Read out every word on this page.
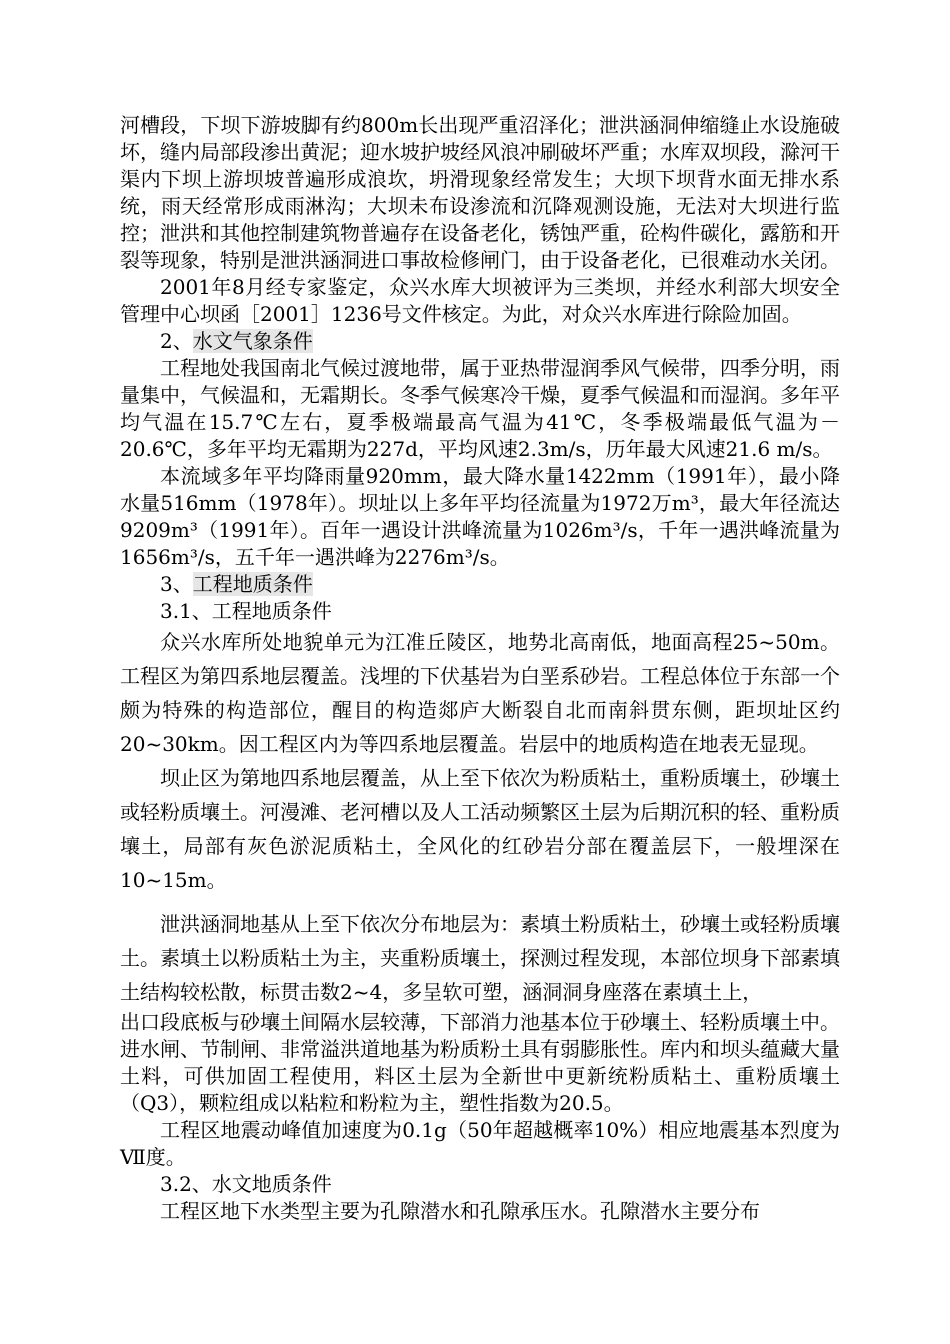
河槽段，下坝下游坡脚有约800m长出现严重沼泽化；泄洪涵洞伸缩缝止水设施破坏，缝内局部段渗出黄泥；迎水坡护坡经风浪冲刷破坏严重；水库双坝段，滁河干渠内下坝上游坝坡普遍形成浪坎，坍滑现象经常发生；大坝下坝背水面无排水系统，雨天经常形成雨淋沟；大坝未布设渗流和沉降观测设施，无法对大坝进行监控；泄洪和其他控制建筑物普遍存在设备老化，锈蚀严重，砼构件碳化，露筋和开裂等现象，特别是泄洪涵洞进口事故检修闸门，由于设备老化，已很难动水关闭。

2001年8月经专家鉴定，众兴水库大坝被评为三类坝，并经水利部大坝安全管理中心坝函［2001］1236号文件核定。为此，对众兴水库进行除险加固。

2、水文气象条件

工程地处我国南北气候过渡地带，属于亚热带湿润季风气候带，四季分明，雨量集中，气候温和，无霜期长。冬季气候寒冷干燥，夏季气候温和而湿润。多年平均气温在15.7℃左右，夏季极端最高气温为41℃，冬季极端最低气温为－20.6℃，多年平均无霜期为227d，平均风速2.3m/s，历年最大风速21.6 m/s。

本流域多年平均降雨量920mm，最大降水量1422mm（1991年），最小降水量516mm（1978年）。坝址以上多年平均径流量为1972万m³，最大年径流达9209m³（1991年）。百年一遇设计洪峰流量为1026m³/s，千年一遇洪峰流量为1656m³/s，五千年一遇洪峰为2276m³/s。

3、工程地质条件

3.1、工程地质条件

众兴水库所处地貌单元为江准丘陵区，地势北高南低，地面高程25~50m。工程区为第四系地层覆盖。浅埋的下伏基岩为白垩系砂岩。工程总体位于东部一个颇为特殊的构造部位，醒目的构造郯庐大断裂自北而南斜贯东侧，距坝址区约20~30km。因工程区内为等四系地层覆盖。岩层中的地质构造在地表无显现。

坝止区为第地四系地层覆盖，从上至下依次为粉质粘土，重粉质壤土，砂壤土或轻粉质壤土。河漫滩、老河槽以及人工活动频繁区土层为后期沉积的轻、重粉质壤土，局部有灰色淤泥质粘土，全风化的红砂岩分部在覆盖层下，一般埋深在10~15m。

泄洪涵洞地基从上至下依次分布地层为：素填土粉质粘土，砂壤土或轻粉质壤土。素填土以粉质粘土为主，夹重粉质壤土，探测过程发现，本部位坝身下部素填土结构较松散，标贯击数2~4，多呈软可塑，涵洞洞身座落在素填土上，

出口段底板与砂壤土间隔水层较薄，下部消力池基本位于砂壤土、轻粉质壤土中。进水闸、节制闸、非常溢洪道地基为粉质粉土具有弱膨胀性。库内和坝头蕴藏大量土料，可供加固工程使用，料区土层为全新世中更新统粉质粘土、重粉质壤土（Q3），颗粒组成以粘粒和粉粒为主，塑性指数为20.5。

工程区地震动峰值加速度为0.1g（50年超越概率10%）相应地震基本烈度为Ⅶ度。

3.2、水文地质条件

工程区地下水类型主要为孔隙潜水和孔隙承压水。孔隙潜水主要分布
